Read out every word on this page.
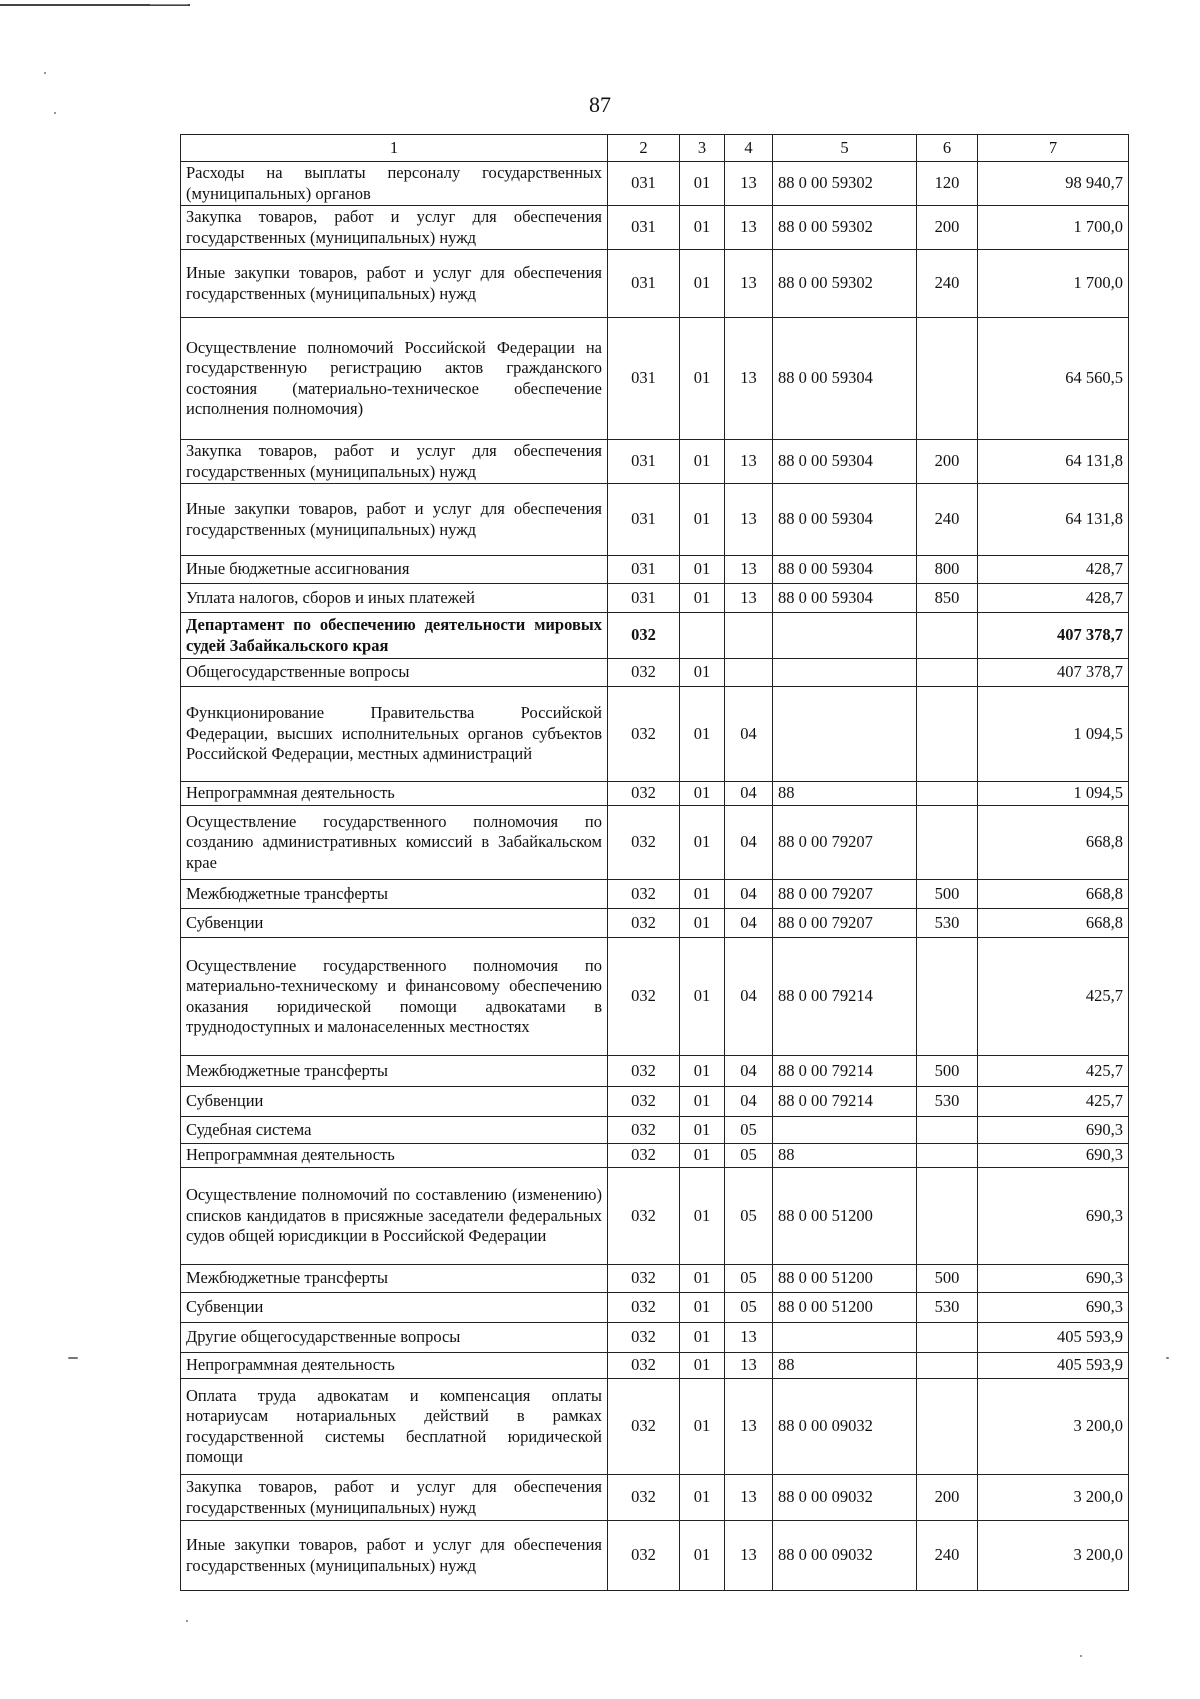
87
1	2	3	4	5	6	7
Расходы на выплаты персоналу государственных (муниципальных) органов	031	01	13	88 0 00 59302	120	98 940,7
Закупка товаров, работ и услуг для обеспечения государственных (муниципальных) нужд	031	01	13	88 0 00 59302	200	1 700,0
Иные закупки товаров, работ и услуг для обеспечения государственных (муниципальных) нужд	031	01	13	88 0 00 59302	240	1 700,0
Осуществление полномочий Российской Федерации на государственную регистрацию актов гражданского состояния (материально-техническое обеспечение исполнения полномочия)	031	01	13	88 0 00 59304		64 560,5
Закупка товаров, работ и услуг для обеспечения государственных (муниципальных) нужд	031	01	13	88 0 00 59304	200	64 131,8
Иные закупки товаров, работ и услуг для обеспечения государственных (муниципальных) нужд	031	01	13	88 0 00 59304	240	64 131,8
Иные бюджетные ассигнования	031	01	13	88 0 00 59304	800	428,7
Уплата налогов, сборов и иных платежей	031	01	13	88 0 00 59304	850	428,7
Департамент по обеспечению деятельности мировых судей Забайкальского края	032					407 378,7
Общегосударственные вопросы	032	01				407 378,7
Функционирование Правительства Российской Федерации, высших исполнительных органов субъектов Российской Федерации, местных администраций	032	01	04			1 094,5
Непрограммная деятельность	032	01	04	88		1 094,5
Осуществление государственного полномочия по созданию административных комиссий в Забайкальском крае	032	01	04	88 0 00 79207		668,8
Межбюджетные трансферты	032	01	04	88 0 00 79207	500	668,8
Субвенции	032	01	04	88 0 00 79207	530	668,8
Осуществление государственного полномочия по материально-техническому и финансовому обеспечению оказания юридической помощи адвокатами в труднодоступных и малонаселенных местностях	032	01	04	88 0 00 79214		425,7
Межбюджетные трансферты	032	01	04	88 0 00 79214	500	425,7
Субвенции	032	01	04	88 0 00 79214	530	425,7
Судебная система	032	01	05			690,3
Непрограммная деятельность	032	01	05	88		690,3
Осуществление полномочий по составлению (изменению) списков кандидатов в присяжные заседатели федеральных судов общей юрисдикции в Российской Федерации	032	01	05	88 0 00 51200		690,3
Межбюджетные трансферты	032	01	05	88 0 00 51200	500	690,3
Субвенции	032	01	05	88 0 00 51200	530	690,3
Другие общегосударственные вопросы	032	01	13			405 593,9
Непрограммная деятельность	032	01	13	88		405 593,9
Оплата труда адвокатам и компенсация оплаты нотариусам нотариальных действий в рамках государственной системы бесплатной юридической помощи	032	01	13	88 0 00 09032		3 200,0
Закупка товаров, работ и услуг для обеспечения государственных (муниципальных) нужд	032	01	13	88 0 00 09032	200	3 200,0
Иные закупки товаров, работ и услуг для обеспечения государственных (муниципальных) нужд	032	01	13	88 0 00 09032	240	3 200,0
